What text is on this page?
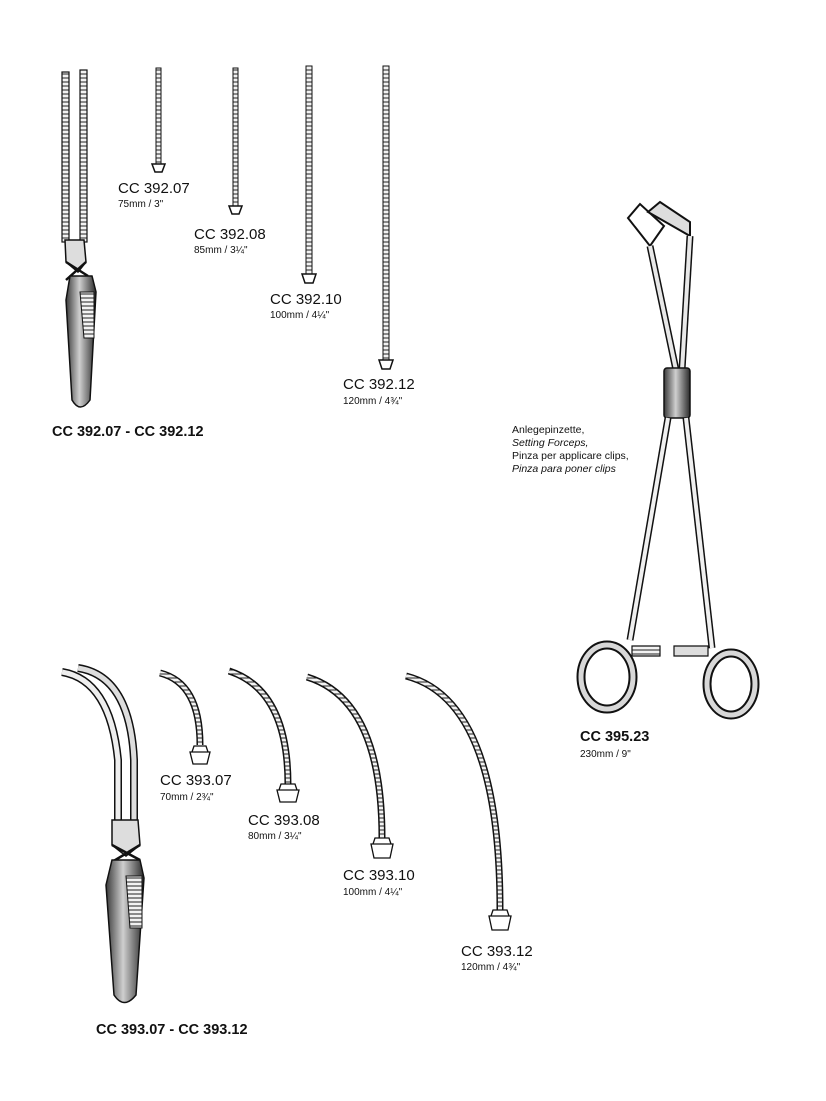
CC 392.07
75mm / 3"
CC 392.08
85mm / 3¼"
CC 392.10
100mm / 4¼"
CC 392.12
120mm / 4¾"
CC 392.07 - CC 392.12	Anlegepinzette,
Setting Forceps,
Pinza per applicare clips,
Pinza para poner clips
CC 395.23
230mm / 9"
CC 393.07
70mm / 2¾"
CC 393.08
80mm / 3¼"
CC 393.10
100mm / 4¼"
CC 393.12
120mm / 4¾"
CC 393.07 - CC 393.12
